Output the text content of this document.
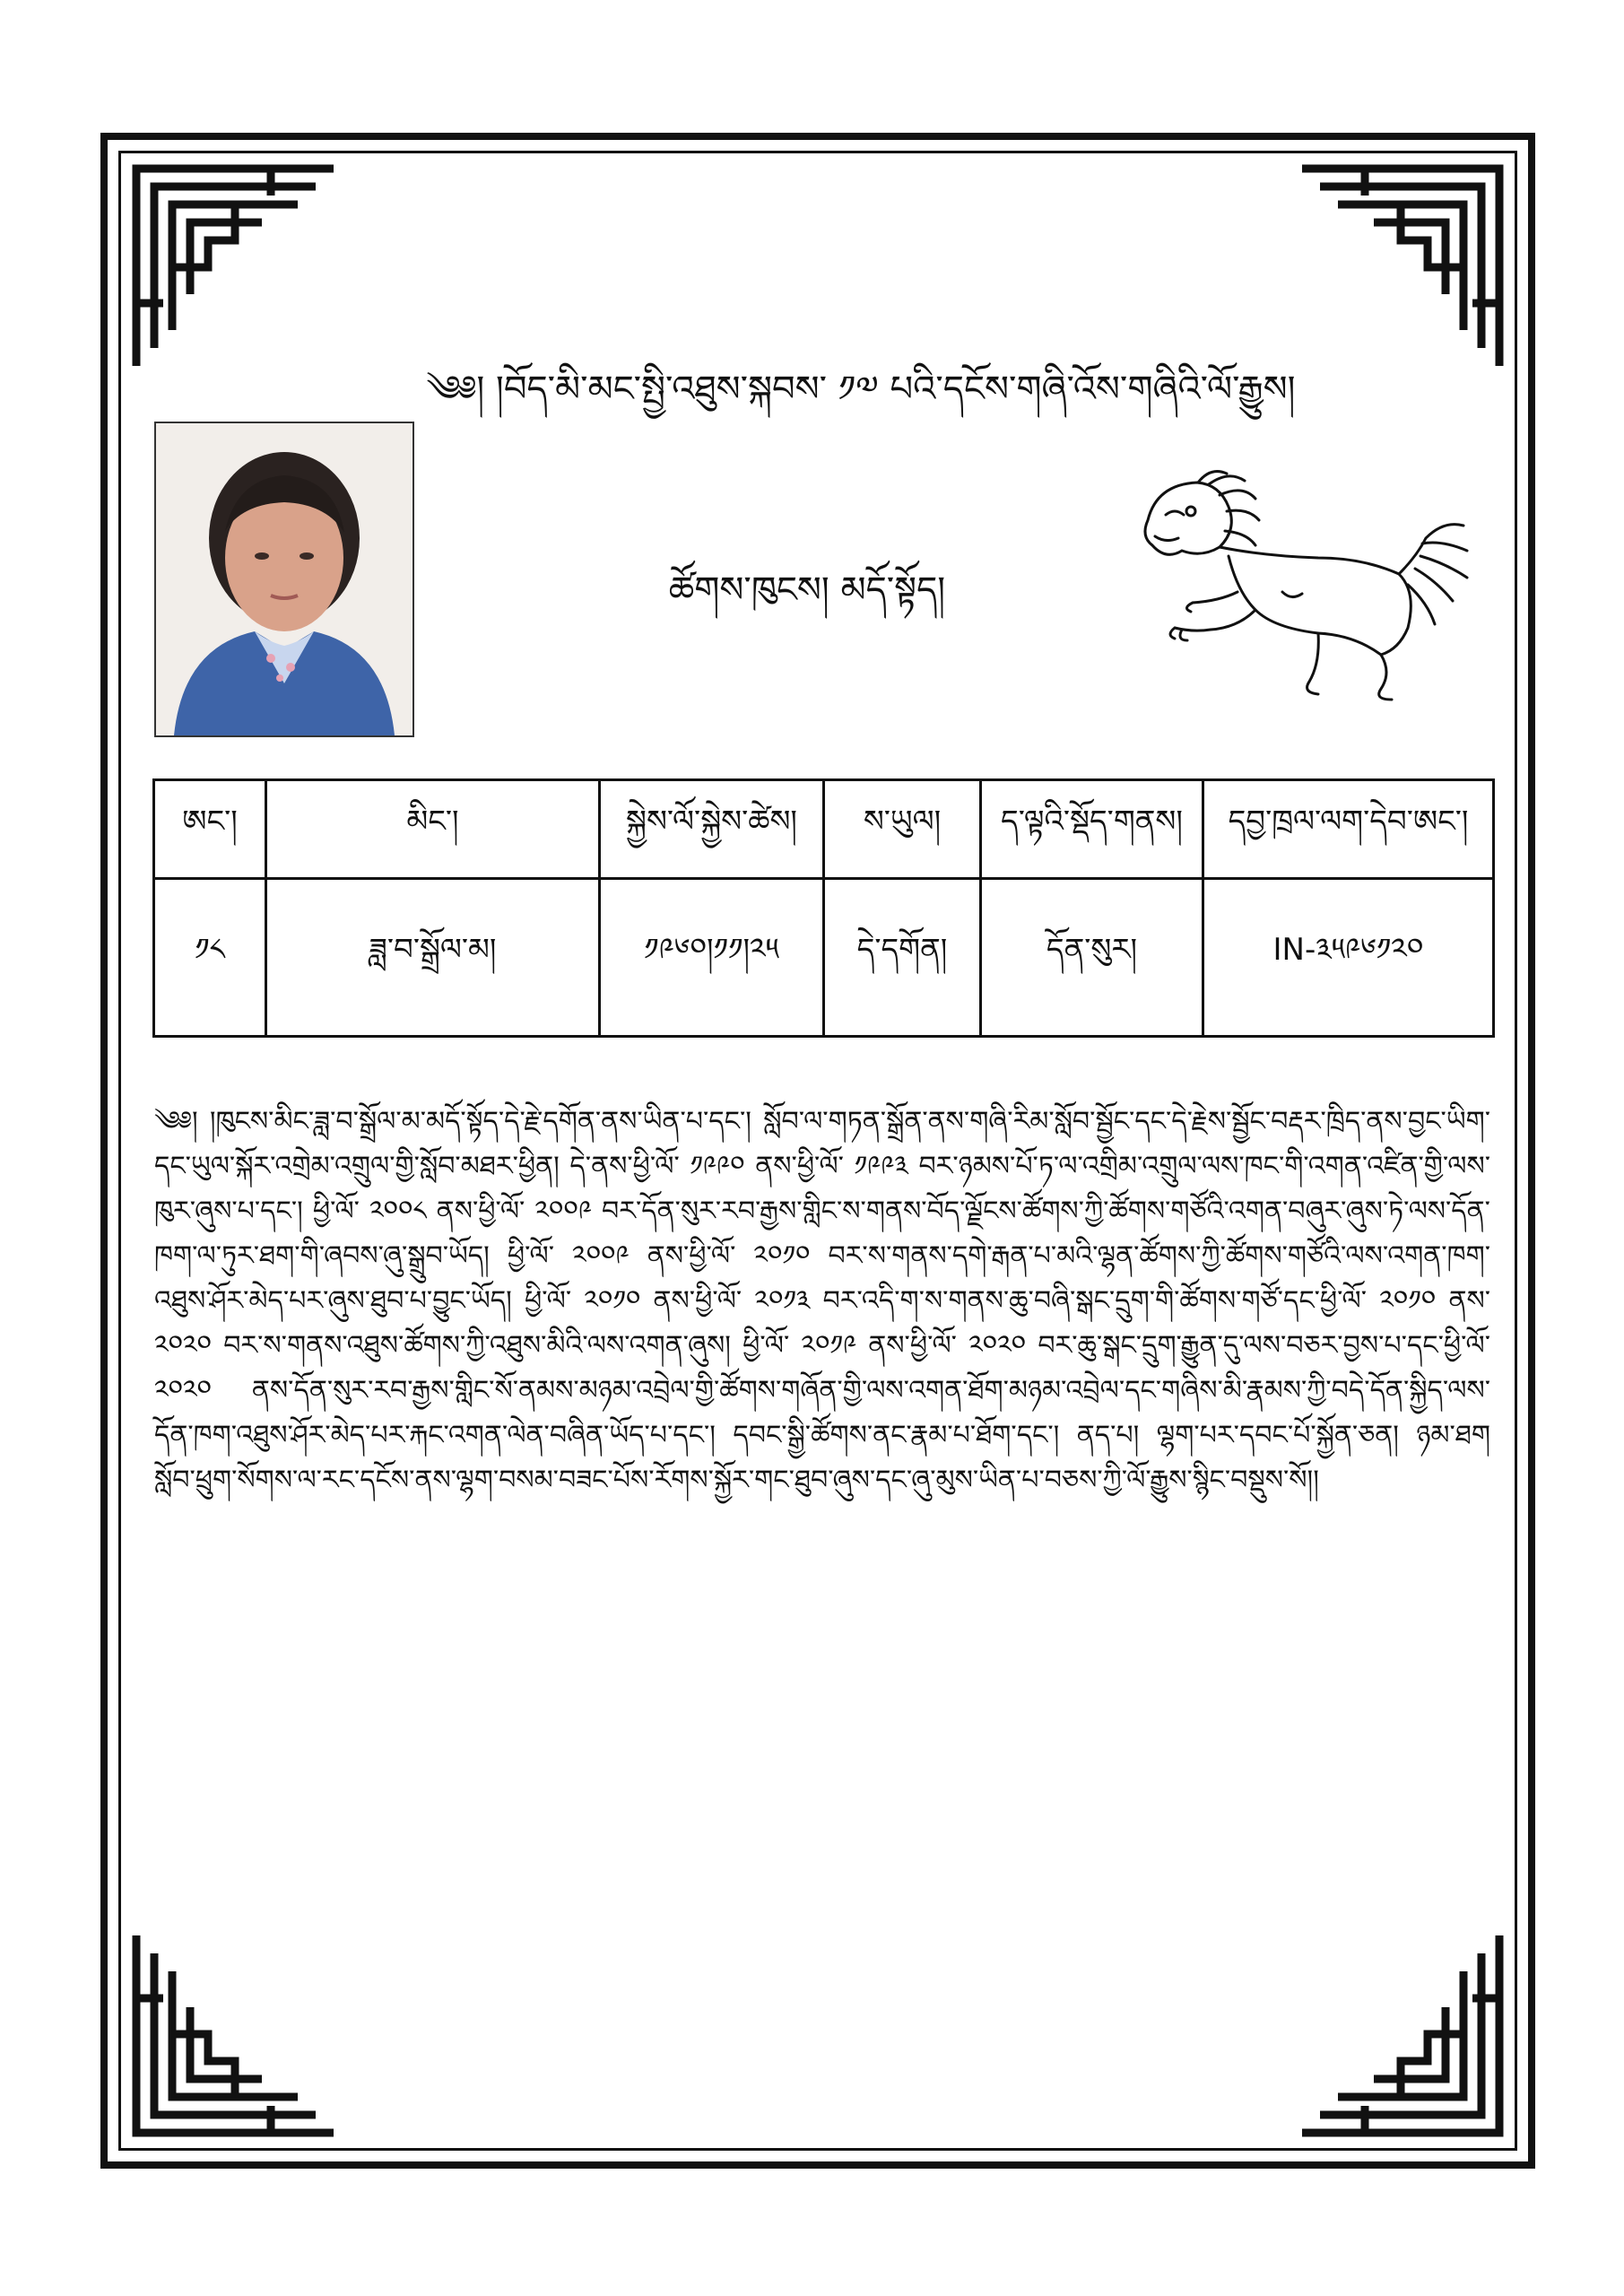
༄༅། །བོད་མི་མང་སྤྱི་འཐུས་སྐབས་ ༡༧ པའི་དངོས་གཞི་འོས་གཞིའི་ལོ་རྒྱུས།
ཚོགས་ཁུངས། མདོ་སྟོད།
ཨང་།	མིང་།	སྐྱེས་ལོ་སྐྱེས་ཚེས།	ས་ཡུལ།	ད་ལྟའི་སྡོད་གནས།	དབྱ་ཁྲལ་ལག་དེབ་ཨང་།
༡༨	ཟླ་བ་སྒྲོལ་མ།	༡༩༦༠།༡༡།༢༥	དེ་དགོན།	དོན་སུར།	IN-༣༥༩༦༡༢༠
༄༅། །ཁུངས་མིང་ཟླ་བ་སྒྲོལ་མ་མདོ་སྟོད་དེ་རྗེ་དགོན་ནས་ཡིན་པ་དང་། སློབ་ལ་གཏན་སྒྲོན་ནས་གཞི་རིམ་སློབ་སྦྱོང་དང་དེ་རྗེས་སྦྱོང་བརྡར་ཁྲིད་ནས་བྱང་ཡིག་དང་ཡུལ་སྐོར་འགྲེམ་འགྲུལ་གྱི་སློབ་མཐར་ཕྱིན། དེ་ནས་ཕྱི་ལོ་ ༡༩༩༠ ནས་ཕྱི་ལོ་ ༡༩༩༣ བར་ཉམས་པོ་ཏ་ལ་འགྲིམ་འགྲུལ་ལས་ཁང་གི་འགན་འཛིན་གྱི་ལས་ཁུར་ཞུས་པ་དང་། ཕྱི་ལོ་ ༢༠༠༨ ནས་ཕྱི་ལོ་ ༢༠༠༩ བར་དོན་སུར་རབ་རྒྱས་གླིང་ས་གནས་བོད་ལྗོངས་ཚོགས་ཀྱི་ཚོགས་གཙོའི་འགན་བཞུར་ཞུས་ཏེ་ལས་དོན་ཁག་ལ་ཏུར་ཐག་གི་ཞབས་ཞུ་སྒྲུབ་ཡོད། ཕྱི་ལོ་ ༢༠༠༩ ནས་ཕྱི་ལོ་ ༢༠༡༠ བར་ས་གནས་དགེ་རྒན་པ་མའི་ལྷན་ཚོགས་ཀྱི་ཚོགས་གཙོའི་ལས་འགན་ཁག་འཐུས་ཤོར་མེད་པར་ཞུས་ཐུབ་པ་བྱུང་ཡོད། ཕྱི་ལོ་ ༢༠༡༠ ནས་ཕྱི་ལོ་ ༢༠༡༣ བར་འདི་ག་ས་གནས་ཆུ་བཞི་སྒང་དྲུག་གི་ཚོགས་གཙོ་དང་ཕྱི་ལོ་ ༢༠༡༠ ནས་ ༢༠༢༠ བར་ས་གནས་འཐུས་ཚོགས་ཀྱི་འཐུས་མིའི་ལས་འགན་ཞུས། ཕྱི་ལོ་ ༢༠༡༩ ནས་ཕྱི་ལོ་ ༢༠༢༠ བར་ཆུ་སྒང་དྲུག་རྒྱུན་དུ་ལས་བཅར་བྱས་པ་དང་ཕྱི་ལོ་ ༢༠༢༠ ནས་དོན་སུར་རབ་རྒྱས་གླིང་སོ་ནམས་མཉམ་འབྲེལ་གྱི་ཚོགས་གཞོན་གྱི་ལས་འགན་ཐོག་མཉམ་འབྲེལ་དང་གཞིས་མི་རྣམས་ཀྱི་བདེ་དོན་སྐྱིད་ལས་དོན་ཁག་འཐུས་ཤོར་མེད་པར་རྐང་འགན་ལེན་བཞིན་ཡོད་པ་དང་། དབང་སྒྱི་ཚོགས་ནང་རྣམ་པ་ཐོག་དང་། ནད་པ། ལྷག་པར་དབང་པོ་སྐྱོན་ཅན། ཉམ་ཐག སློབ་ཕྲུག་སོགས་ལ་རང་དངོས་ནས་ལྷག་བསམ་བཟང་པོས་རོགས་སྐྱོར་གང་ཐུབ་ཞུས་དང་ཞུ་མུས་ཡིན་པ་བཅས་ཀྱི་ལོ་རྒྱུས་སྙིང་བསྡུས་སོ།།
